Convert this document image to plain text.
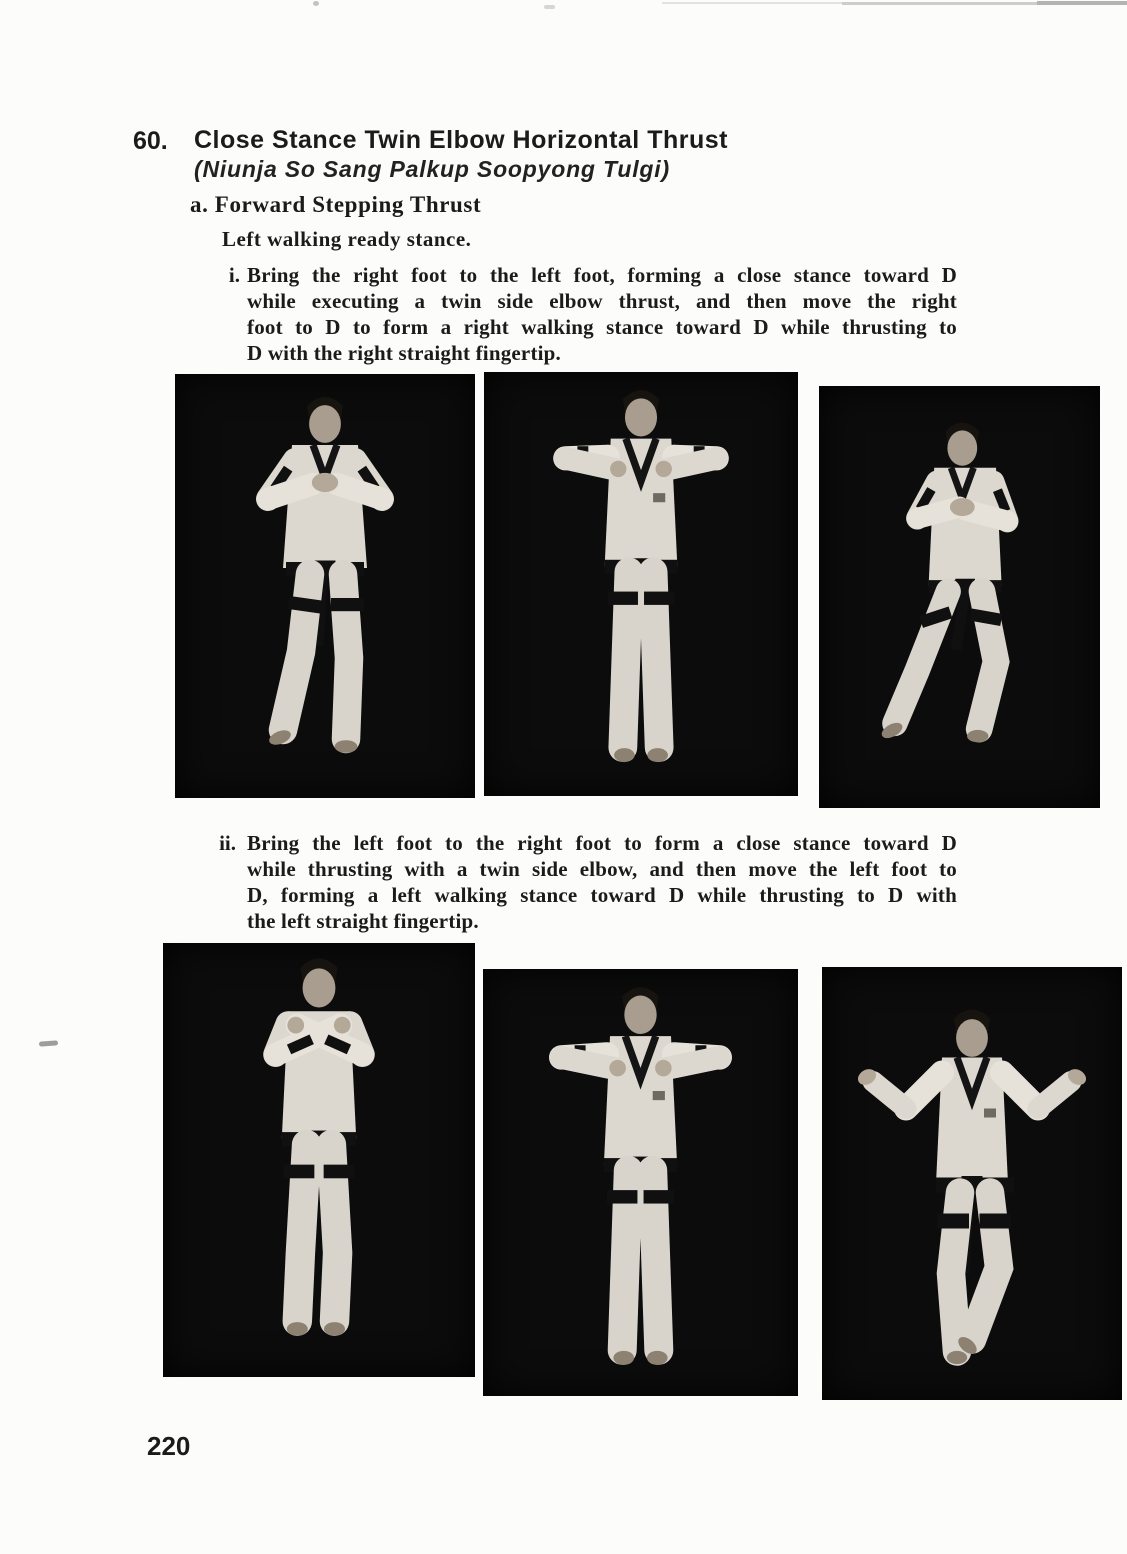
60. Close Stance Twin Elbow Horizontal Thrust
(Niunja So Sang Palkup Soopyong Tulgi)
a. Forward Stepping Thrust
Left walking ready stance.
i. Bring the right foot to the left foot, forming a close stance toward D
while executing a twin side elbow thrust, and then move the right
foot to D to form a right walking stance toward D while thrusting to
D with the right straight fingertip.
ii. Bring the left foot to the right foot to form a close stance toward D
while thrusting with a twin side elbow, and then move the left foot to
D, forming a left walking stance toward D while thrusting to D with
the left straight fingertip.
220
